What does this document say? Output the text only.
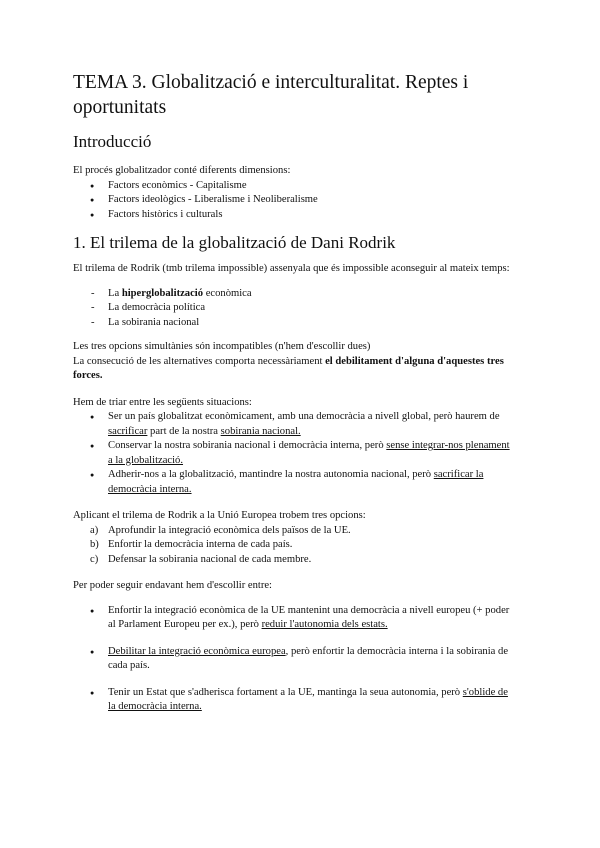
TEMA 3. Globalització e interculturalitat. Reptes i oportunitats
Introducció

El procés globalitzador conté diferents dimensions:

● Factors econòmics - Capitalisme
● Factors ideològics - Liberalisme i Neoliberalisme
● Factors històrics i culturals
1. El trilema de la globalització de Dani Rodrik

El trilema de Rodrik (tmb trilema impossible) assenyala que és impossible aconseguir al mateix temps:

- La hiperglobalització econòmica
- La democràcia política
- La sobirania nacional

Les tres opcions simultànies són incompatibles (n'hem d'escollir dues)

La consecució de les alternatives comporta necessàriament el debilitament d'alguna d'aquestes tres forces.

Hem de triar entre les següents situacions:

● Ser un país globalitzat econòmicament, amb una democràcia a nivell global, però haurem de sacrificar part de la nostra sobirania nacional.
● Conservar la nostra sobirania nacional i democràcia interna, però sense integrar-nos plenament a la globalització.
● Adherir-nos a la globalització, mantindre la nostra autonomia nacional, però sacrificar la democràcia interna.

Aplicant el trilema de Rodrik a la Unió Europea trobem tres opcions:

a) Aprofundir la integració econòmica dels països de la UE.
b) Enfortir la democràcia interna de cada país.
c) Defensar la sobirania nacional de cada membre.

Per poder seguir endavant hem d'escollir entre:

● Enfortir la integració econòmica de la UE mantenint una democràcia a nivell europeu (+ poder al Parlament Europeu per ex.), però reduir l'autonomia dels estats.
● Debilitar la integració econòmica europea, però enfortir la democràcia interna i la sobirania de cada país.
● Tenir un Estat que s'adherisca fortament a la UE, mantinga la seua autonomia, però s'oblide de la democràcia interna.
